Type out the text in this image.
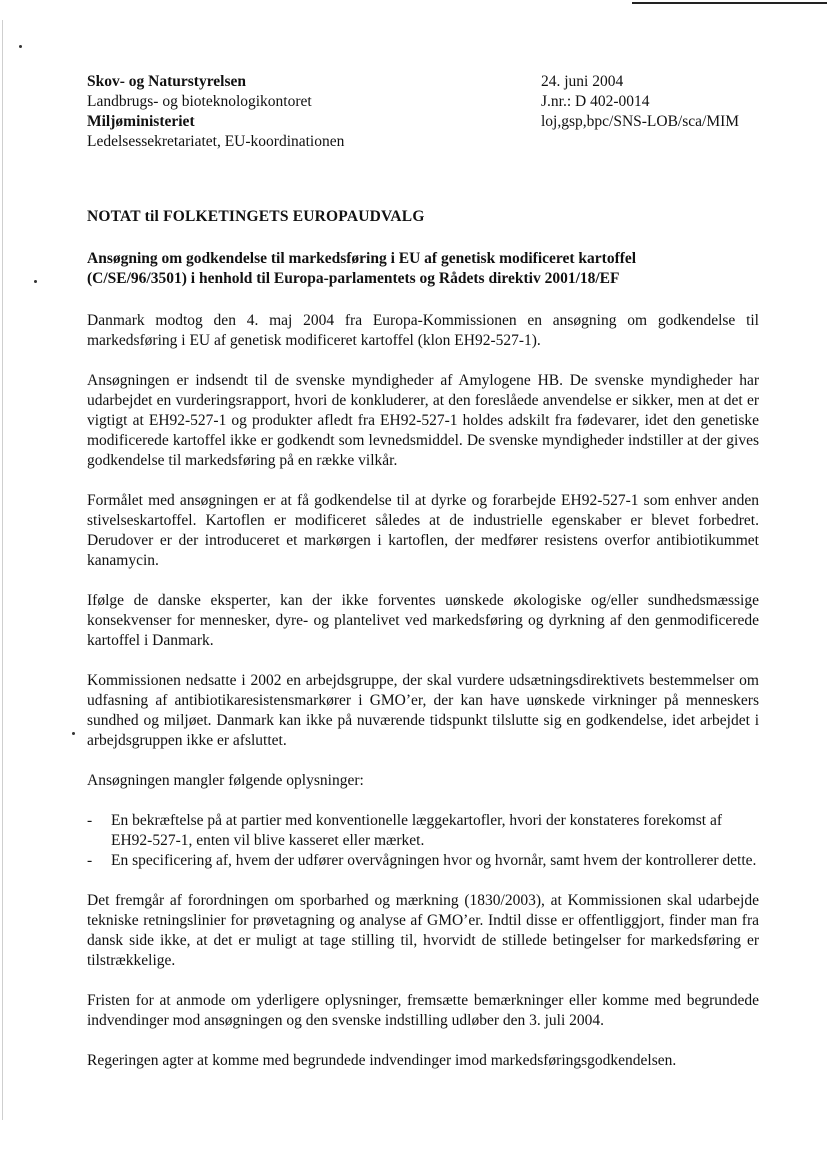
Skov- og Naturstyrelsen

Landbrugs- og bioteknologikontoret

Miljøministeriet

Ledelsessekretariatet, EU-koordinationen

24. juni 2004

J.nr.: D 402-0014

loj,gsp,bpc/SNS-LOB/sca/MIM

NOTAT til FOLKETINGETS EUROPAUDVALG
Ansøgning om godkendelse til markedsføring i EU af genetisk modificeret kartoffel (C/SE/96/3501) i henhold til Europa-parlamentets og Rådets direktiv 2001/18/EF

Danmark modtog den 4. maj 2004 fra Europa-Kommissionen en ansøgning om godkendelse til markedsføring i EU af genetisk modificeret kartoffel (klon EH92-527-1).

Ansøgningen er indsendt til de svenske myndigheder af Amylogene HB. De svenske myndigheder har udarbejdet en vurderingsrapport, hvori de konkluderer, at den foreslåede anvendelse er sikker, men at det er vigtigt at EH92-527-1 og produkter afledt fra EH92-527-1 holdes adskilt fra fødevarer, idet den genetiske modificerede kartoffel ikke er godkendt som levnedsmiddel. De svenske myndigheder indstiller at der gives godkendelse til markedsføring på en række vilkår.

Formålet med ansøgningen er at få godkendelse til at dyrke og forarbejde EH92-527-1 som enhver anden stivelseskartoffel. Kartoflen er modificeret således at de industrielle egenskaber er blevet forbedret. Derudover er der introduceret et markørgen i kartoflen, der medfører resistens overfor antibiotikummet kanamycin.

Ifølge de danske eksperter, kan der ikke forventes uønskede økologiske og/eller sundhedsmæssige konsekvenser for mennesker, dyre- og plantelivet ved markedsføring og dyrkning af den genmodificerede kartoffel i Danmark.

Kommissionen nedsatte i 2002 en arbejdsgruppe, der skal vurdere udsætningsdirektivets bestemmelser om udfasning af antibiotikaresistensmarkører i GMO’er, der kan have uønskede virkninger på menneskers sundhed og miljøet. Danmark kan ikke på nuværende tidspunkt tilslutte sig en godkendelse, idet arbejdet i arbejdsgruppen ikke er afsluttet.

Ansøgningen mangler følgende oplysninger:

- En bekræftelse på at partier med konventionelle læggekartofler, hvori der konstateres forekomst af EH92-527-1, enten vil blive kasseret eller mærket.
- En specificering af, hvem der udfører overvågningen hvor og hvornår, samt hvem der kontrollerer dette.

Det fremgår af forordningen om sporbarhed og mærkning (1830/2003), at Kommissionen skal udarbejde tekniske retningslinier for prøvetagning og analyse af GMO’er. Indtil disse er offentliggjort, finder man fra dansk side ikke, at det er muligt at tage stilling til, hvorvidt de stillede betingelser for markedsføring er tilstrækkelige.

Fristen for at anmode om yderligere oplysninger, fremsætte bemærkninger eller komme med begrundede indvendinger mod ansøgningen og den svenske indstilling udløber den 3. juli 2004.

Regeringen agter at komme med begrundede indvendinger imod markedsføringsgodkendelsen.
